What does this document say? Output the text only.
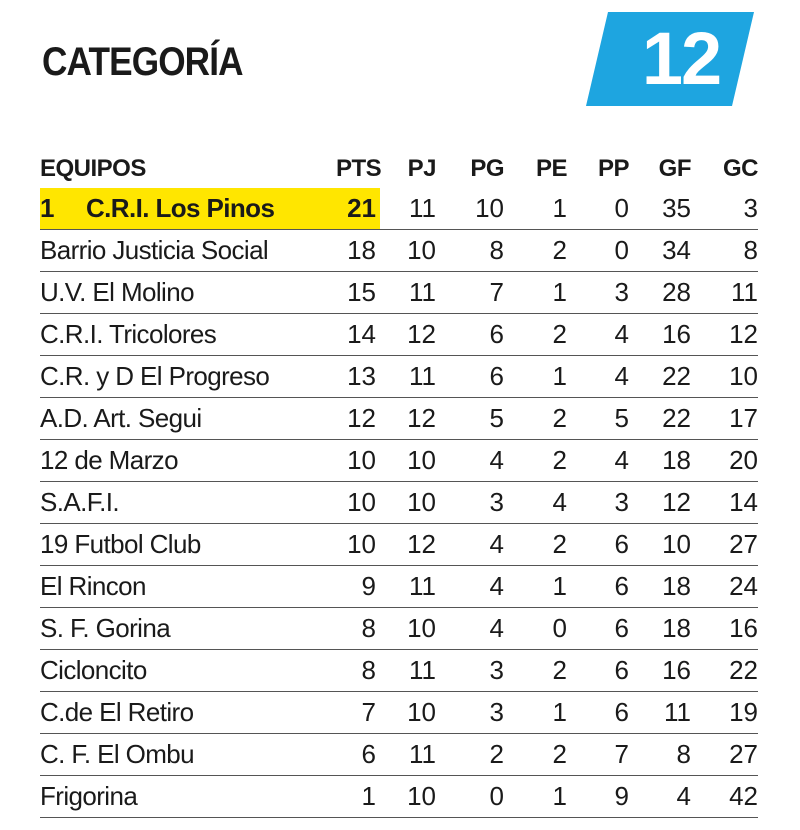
CATEGORÍA	12
EQUIPOS	PTS	PJ	PG	PE	PP	GF	GC
1 C.R.I. Los Pinos	21	11	10	1	0	35	3
Barrio Justicia Social	18	10	8	2	0	34	8
U.V. El Molino	15	11	7	1	3	28	11
C.R.I. Tricolores	14	12	6	2	4	16	12
C.R. y D El Progreso	13	11	6	1	4	22	10
A.D. Art. Segui	12	12	5	2	5	22	17
12 de Marzo	10	10	4	2	4	18	20
S.A.F.I.	10	10	3	4	3	12	14
19 Futbol Club	10	12	4	2	6	10	27
El Rincon	9	11	4	1	6	18	24
S. F. Gorina	8	10	4	0	6	18	16
Cicloncito	8	11	3	2	6	16	22
C.de El Retiro	7	10	3	1	6	11	19
C. F. El Ombu	6	11	2	2	7	8	27
Frigorina	1	10	0	1	9	4	42
